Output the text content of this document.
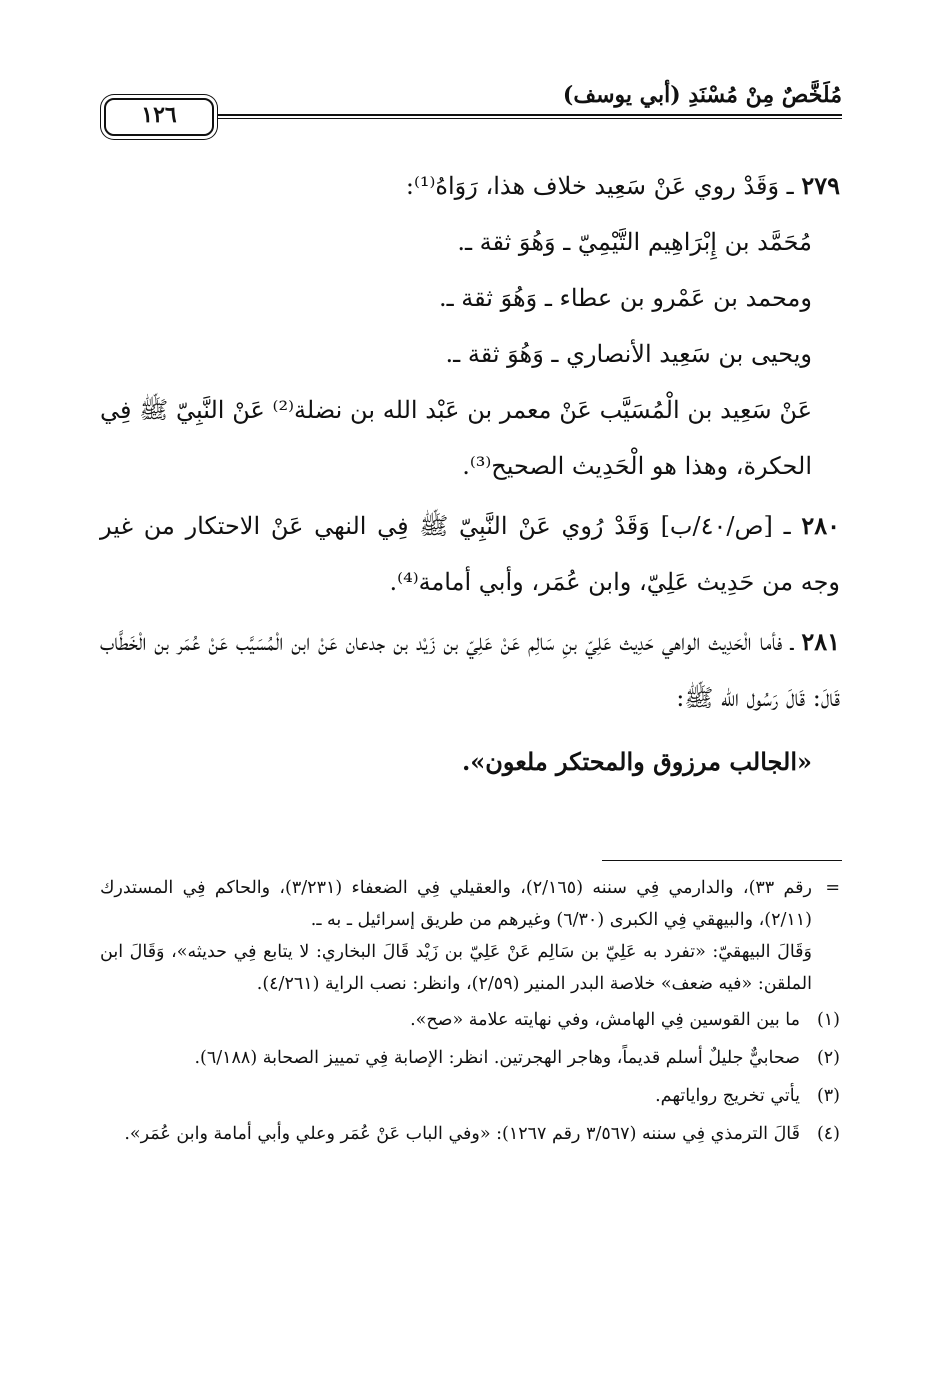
مُلَخَّصٌ مِنْ مُسْنَدِ (أبي يوسف)
١٢٦

٢٧٩ ـ وَقَدْ روي عَنْ سَعِيد خلاف هذا، رَوَاهُ⁽¹⁾:

مُحَمَّد بن إِبْرَاهِيم التَّيْمِيّ ـ وَهُوَ ثقة ـ.

ومحمد بن عَمْرو بن عطاء ـ وَهُوَ ثقة ـ.

ويحيى بن سَعِيد الأنصاري ـ وَهُوَ ثقة ـ.

عَنْ سَعِيد بن الْمُسَيَّب عَنْ معمر بن عَبْد الله بن نضلة⁽²⁾ عَنْ النَّبِيّ ﷺ فِي الحكرة، وهذا هو الْحَدِيث الصحيح⁽³⁾.

٢٨٠ ـ [ص/٤٠/ب] وَقَدْ رُوي عَنْ النَّبِيّ ﷺ فِي النهي عَنْ الاحتكار من غير وجه من حَدِيث عَلِيّ، وابن عُمَر، وأبي أمامة⁽⁴⁾.

٢٨١ ـ فأما الْحَدِيث الواهي حَدِيث عَلِيّ بنِ سَالِم عَنْ عَلِيّ بن زَيْد بن جدعان عَنْ ابن الْمُسَيَّب عَنْ عُمَر بن الْخَطَّاب قَالَ: قَالَ رَسُول الله ﷺ:

«الجالب مرزوق والمحتكر ملعون».

=

رقم ٣٣)، والدارمي فِي سننه (٢/١٦٥)، والعقيلي فِي الضعفاء (٣/٢٣١)، والحاكم فِي المستدرك (٢/١١)، والبيهقي فِي الكبرى (٦/٣٠) وغيرهم من طريق إسرائيل ـ به ـ.

وَقَالَ البيهقيّ: «تفرد به عَلِيّ بن سَالِم عَنْ عَلِيّ بن زَيْد قَالَ البخاري: لا يتابع فِي حديثه»، وَقَالَ ابن الملقن: «فيه ضعف» خلاصة البدر المنير (٢/٥٩)، وانظر: نصب الراية (٤/٢٦١).

(١)

ما بين القوسين فِي الهامش، وفي نهايته علامة «صح».

(٢)

صحابيٌّ جليلٌ أسلم قديماً، وهاجر الهجرتين. انظر: الإصابة فِي تمييز الصحابة (٦/١٨٨).

(٣)

يأتي تخريج رواياتهم.

(٤)

قَالَ الترمذي فِي سننه (٣/٥٦٧ رقم ١٢٦٧): «وفي الباب عَنْ عُمَر وعلي وأبي أمامة وابن عُمَر».
